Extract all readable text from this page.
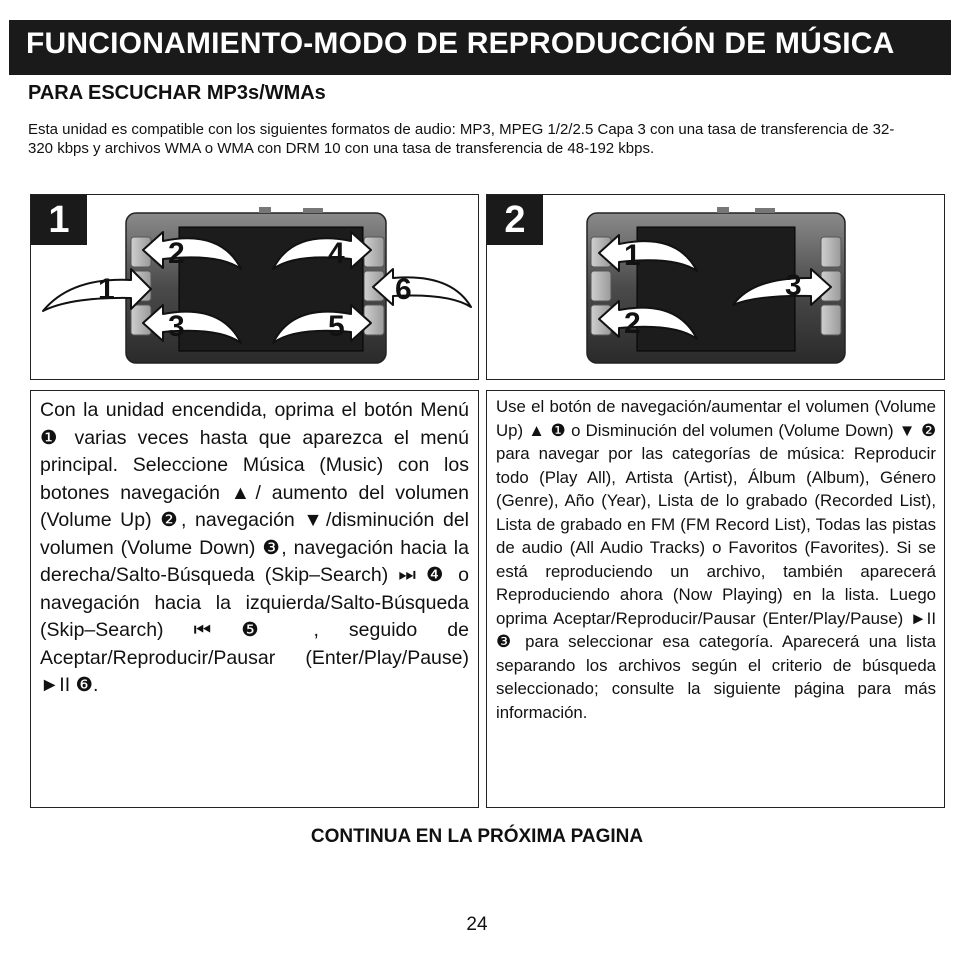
FUNCIONAMIENTO-MODO DE REPRODUCCIÓN DE MÚSICA
PARA ESCUCHAR MP3s/WMAs
Esta unidad es compatible con los siguientes formatos de audio: MP3, MPEG 1/2/2.5 Capa 3 con una tasa de transferencia de 32-320 kbps y archivos WMA o WMA con DRM 10 con una tasa de transferencia de 48-192 kbps.
1
1
2
3
4
5
6
2
1
2
3
Con la unidad encendida, oprima el botón Menú ❶ varias veces hasta que aparezca el menú principal. Seleccione Música (Music) con los botones navegación ▲/ aumento del volumen (Volume Up) ❷, navegación ▼/disminución del volumen (Volume Down) ❸, navegación hacia la derecha/Salto-Búsqueda (Skip–Search) ⏭ ❹ o navegación hacia la izquierda/Salto-Búsqueda (Skip–Search) ⏮ ❺ , seguido de Aceptar/Reproducir/Pausar (Enter/Play/Pause) ►II ❻.
Use el botón de navegación/aumentar el volumen (Volume Up) ▲ ❶ o Disminución del volumen (Volume Down) ▼ ❷ para navegar por las categorías de música: Reproducir todo (Play All), Artista (Artist), Álbum (Album), Género (Genre), Año (Year), Lista de lo grabado (Recorded List), Lista de grabado en FM (FM Record List), Todas las pistas de audio (All Audio Tracks) o Favoritos (Favorites). Si se está reproduciendo un archivo, también aparecerá Reproduciendo ahora (Now Playing) en la lista. Luego oprima Aceptar/Reproducir/Pausar (Enter/Play/Pause) ►II ❸ para seleccionar esa categoría. Aparecerá una lista separando los archivos según el criterio de búsqueda seleccionado; consulte la siguiente página para más información.
CONTINUA EN LA PRÓXIMA PAGINA
24
